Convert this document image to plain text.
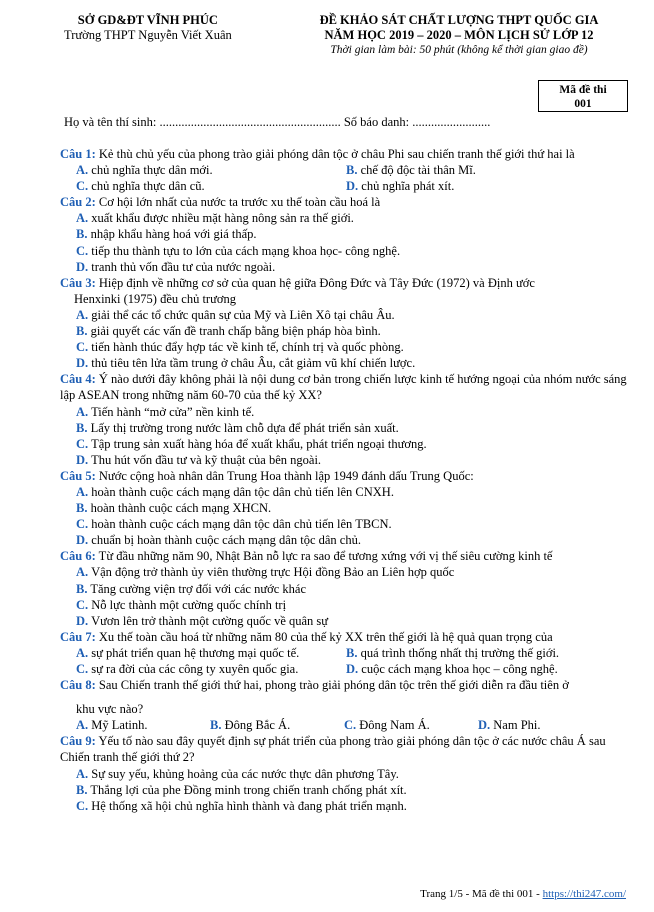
SỞ GD&ĐT VĨNH PHÚC
Trường THPT Nguyễn Viết Xuân
ĐỀ KHẢO SÁT CHẤT LƯỢNG THPT QUỐC GIA
NĂM HỌC 2019 – 2020 – MÔN LỊCH SỬ LỚP 12
Thời gian làm bài: 50 phút (không kể thời gian giao đề)
Mã đề thi
001
Họ và tên thí sinh: .......................................................... Số báo danh: .........................
Câu 1: Kẻ thù chủ yếu của phong trào giải phóng dân tộc ở châu Phi sau chiến tranh thế giới thứ hai là
A. chủ nghĩa thực dân mới.	B. chế độ độc tài thân Mĩ.
C. chủ nghĩa thực dân cũ.	D. chủ nghĩa phát xít.
Câu 2: Cơ hội lớn nhất của nước ta trước xu thế toàn cầu hoá là
A. xuất khẩu được nhiều mặt hàng nông sản ra thế giới.
B. nhập khẩu hàng hoá với giá thấp.
C. tiếp thu thành tựu to lớn của cách mạng khoa học- công nghệ.
D. tranh thủ vốn đầu tư của nước ngoài.
Câu 3: Hiệp định về những cơ sở của quan hệ giữa Đông Đức và Tây Đức (1972) và Định ước
Henxinki (1975) đều chủ trương
A. giải thể các tổ chức quân sự của Mỹ và Liên Xô tại châu Âu.
B. giải quyết các vấn đề tranh chấp bằng biện pháp hòa bình.
C. tiến hành thúc đẩy hợp tác về kinh tế, chính trị và quốc phòng.
D. thủ tiêu tên lửa tầm trung ở châu Âu, cắt giảm vũ khí chiến lược.
Câu 4: Ý nào dưới đây không phải là nội dung cơ bản trong chiến lược kinh tế hướng ngoại của nhóm nước sáng lập ASEAN trong những năm 60-70 của thế kỷ XX?
A. Tiến hành “mở cửa” nền kinh tế.
B. Lấy thị trường trong nước làm chỗ dựa để phát triển sản xuất.
C. Tập trung sản xuất hàng hóa để xuất khẩu, phát triển ngoại thương.
D. Thu hút vốn đầu tư và kỹ thuật của bên ngoài.
Câu 5: Nước cộng hoà nhân dân Trung Hoa thành lập 1949 đánh dấu Trung Quốc:
A. hoàn thành cuộc cách mạng dân tộc dân chủ tiến lên CNXH.
B. hoàn thành cuộc cách mạng XHCN.
C. hoàn thành cuộc cách mạng dân tộc dân chủ tiến lên TBCN.
D. chuẩn bị hoàn thành cuộc cách mạng dân tộc dân chủ.
Câu 6: Từ đầu những năm 90, Nhật Bản nỗ lực ra sao để tương xứng với vị thế siêu cường kinh tế
A. Vận động trở thành ủy viên thường trực Hội đồng Bảo an Liên hợp quốc
B. Tăng cường viện trợ đối với các nước khác
C. Nỗ lực thành một cường quốc chính trị
D. Vươn lên trở thành một cường quốc về quân sự
Câu 7: Xu thế toàn cầu hoá từ những năm 80 của thế kỷ XX trên thế giới là hệ quả quan trọng của
A. sự phát triển quan hệ thương mại quốc tế.	B. quá trình thống nhất thị trường thế giới.
C. sự ra đời của các công ty xuyên quốc gia.	D. cuộc cách mạng khoa học – công nghệ.
Câu 8: Sau Chiến tranh thế giới thứ hai, phong trào giải phóng dân tộc trên thế giới diễn ra đầu tiên ở
khu vực nào?
A. Mỹ Latinh.	B. Đông Bắc Á.	C. Đông Nam Á.	D. Nam Phi.
Câu 9: Yếu tố nào sau đây quyết định sự phát triển của phong trào giải phóng dân tộc ở các nước châu Á sau Chiến tranh thế giới thứ 2?
A. Sự suy yếu, khủng hoảng của các nước thực dân phương Tây.
B. Thắng lợi của phe Đồng minh trong chiến tranh chống phát xít.
C. Hệ thống xã hội chủ nghĩa hình thành và đang phát triển mạnh.
Trang 1/5 - Mã đề thi 001 - https://thi247.com/
